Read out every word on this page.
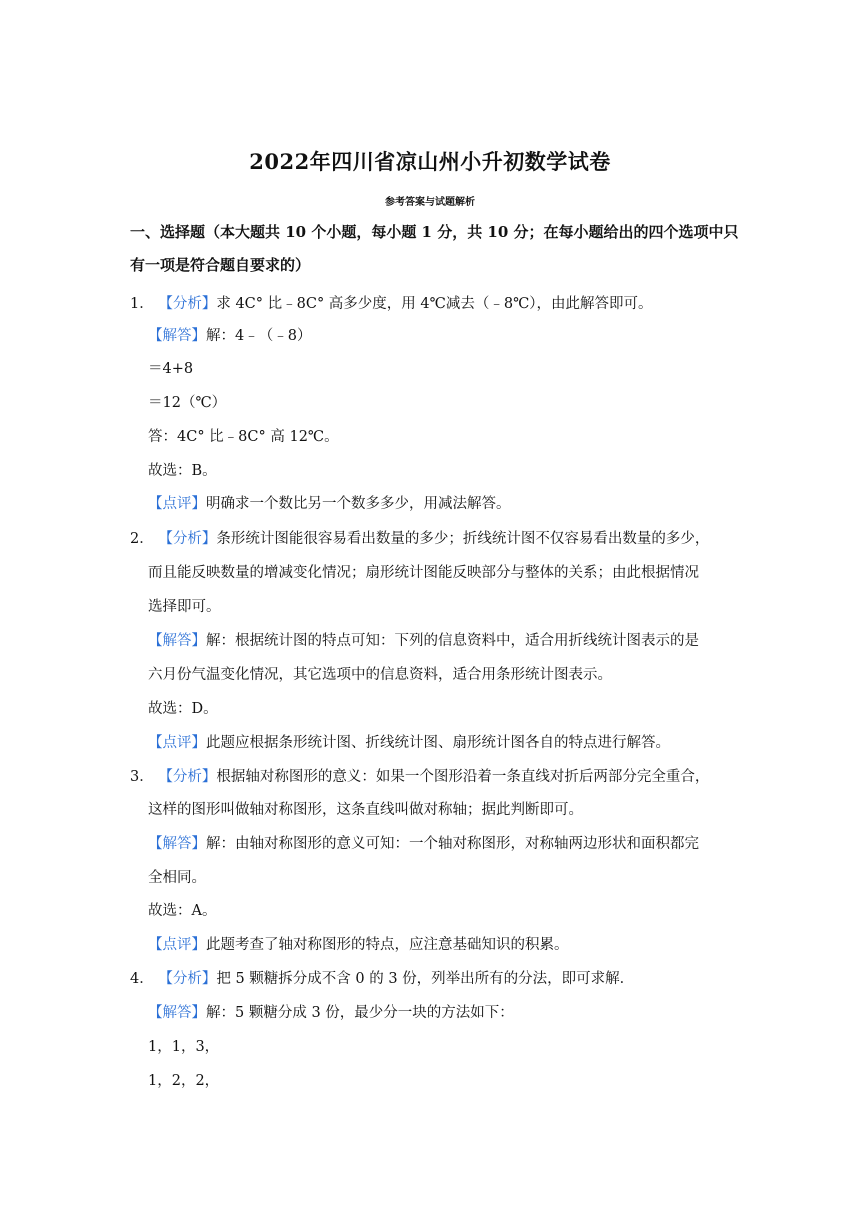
2022年四川省凉山州小升初数学试卷
参考答案与试题解析
一、选择题（本大题共 10 个小题，每小题 1 分，共 10 分；在每小题给出的四个选项中只
有一项是符合题自要求的）
1． 【分析】求 4C° 比﹣8C° 高多少度，用 4℃减去（﹣8℃），由此解答即可。
【解答】解：4﹣（﹣8）
＝4+8
＝12（℃）
答：4C° 比﹣8C° 高 12℃。
故选：B。
【点评】明确求一个数比另一个数多多少，用减法解答。
2． 【分析】条形统计图能很容易看出数量的多少；折线统计图不仅容易看出数量的多少，
而且能反映数量的增减变化情况；扇形统计图能反映部分与整体的关系；由此根据情况
选择即可。
【解答】解：根据统计图的特点可知：下列的信息资料中，适合用折线统计图表示的是
六月份气温变化情况，其它选项中的信息资料，适合用条形统计图表示。
故选：D。
【点评】此题应根据条形统计图、折线统计图、扇形统计图各自的特点进行解答。
3． 【分析】根据轴对称图形的意义：如果一个图形沿着一条直线对折后两部分完全重合，
这样的图形叫做轴对称图形，这条直线叫做对称轴；据此判断即可。
【解答】解：由轴对称图形的意义可知：一个轴对称图形，对称轴两边形状和面积都完
全相同。
故选：A。
【点评】此题考查了轴对称图形的特点，应注意基础知识的积累。
4． 【分析】把 5 颗糖拆分成不含 0 的 3 份，列举出所有的分法，即可求解．
【解答】解：5 颗糖分成 3 份，最少分一块的方法如下：
1，1，3，
1，2，2，
